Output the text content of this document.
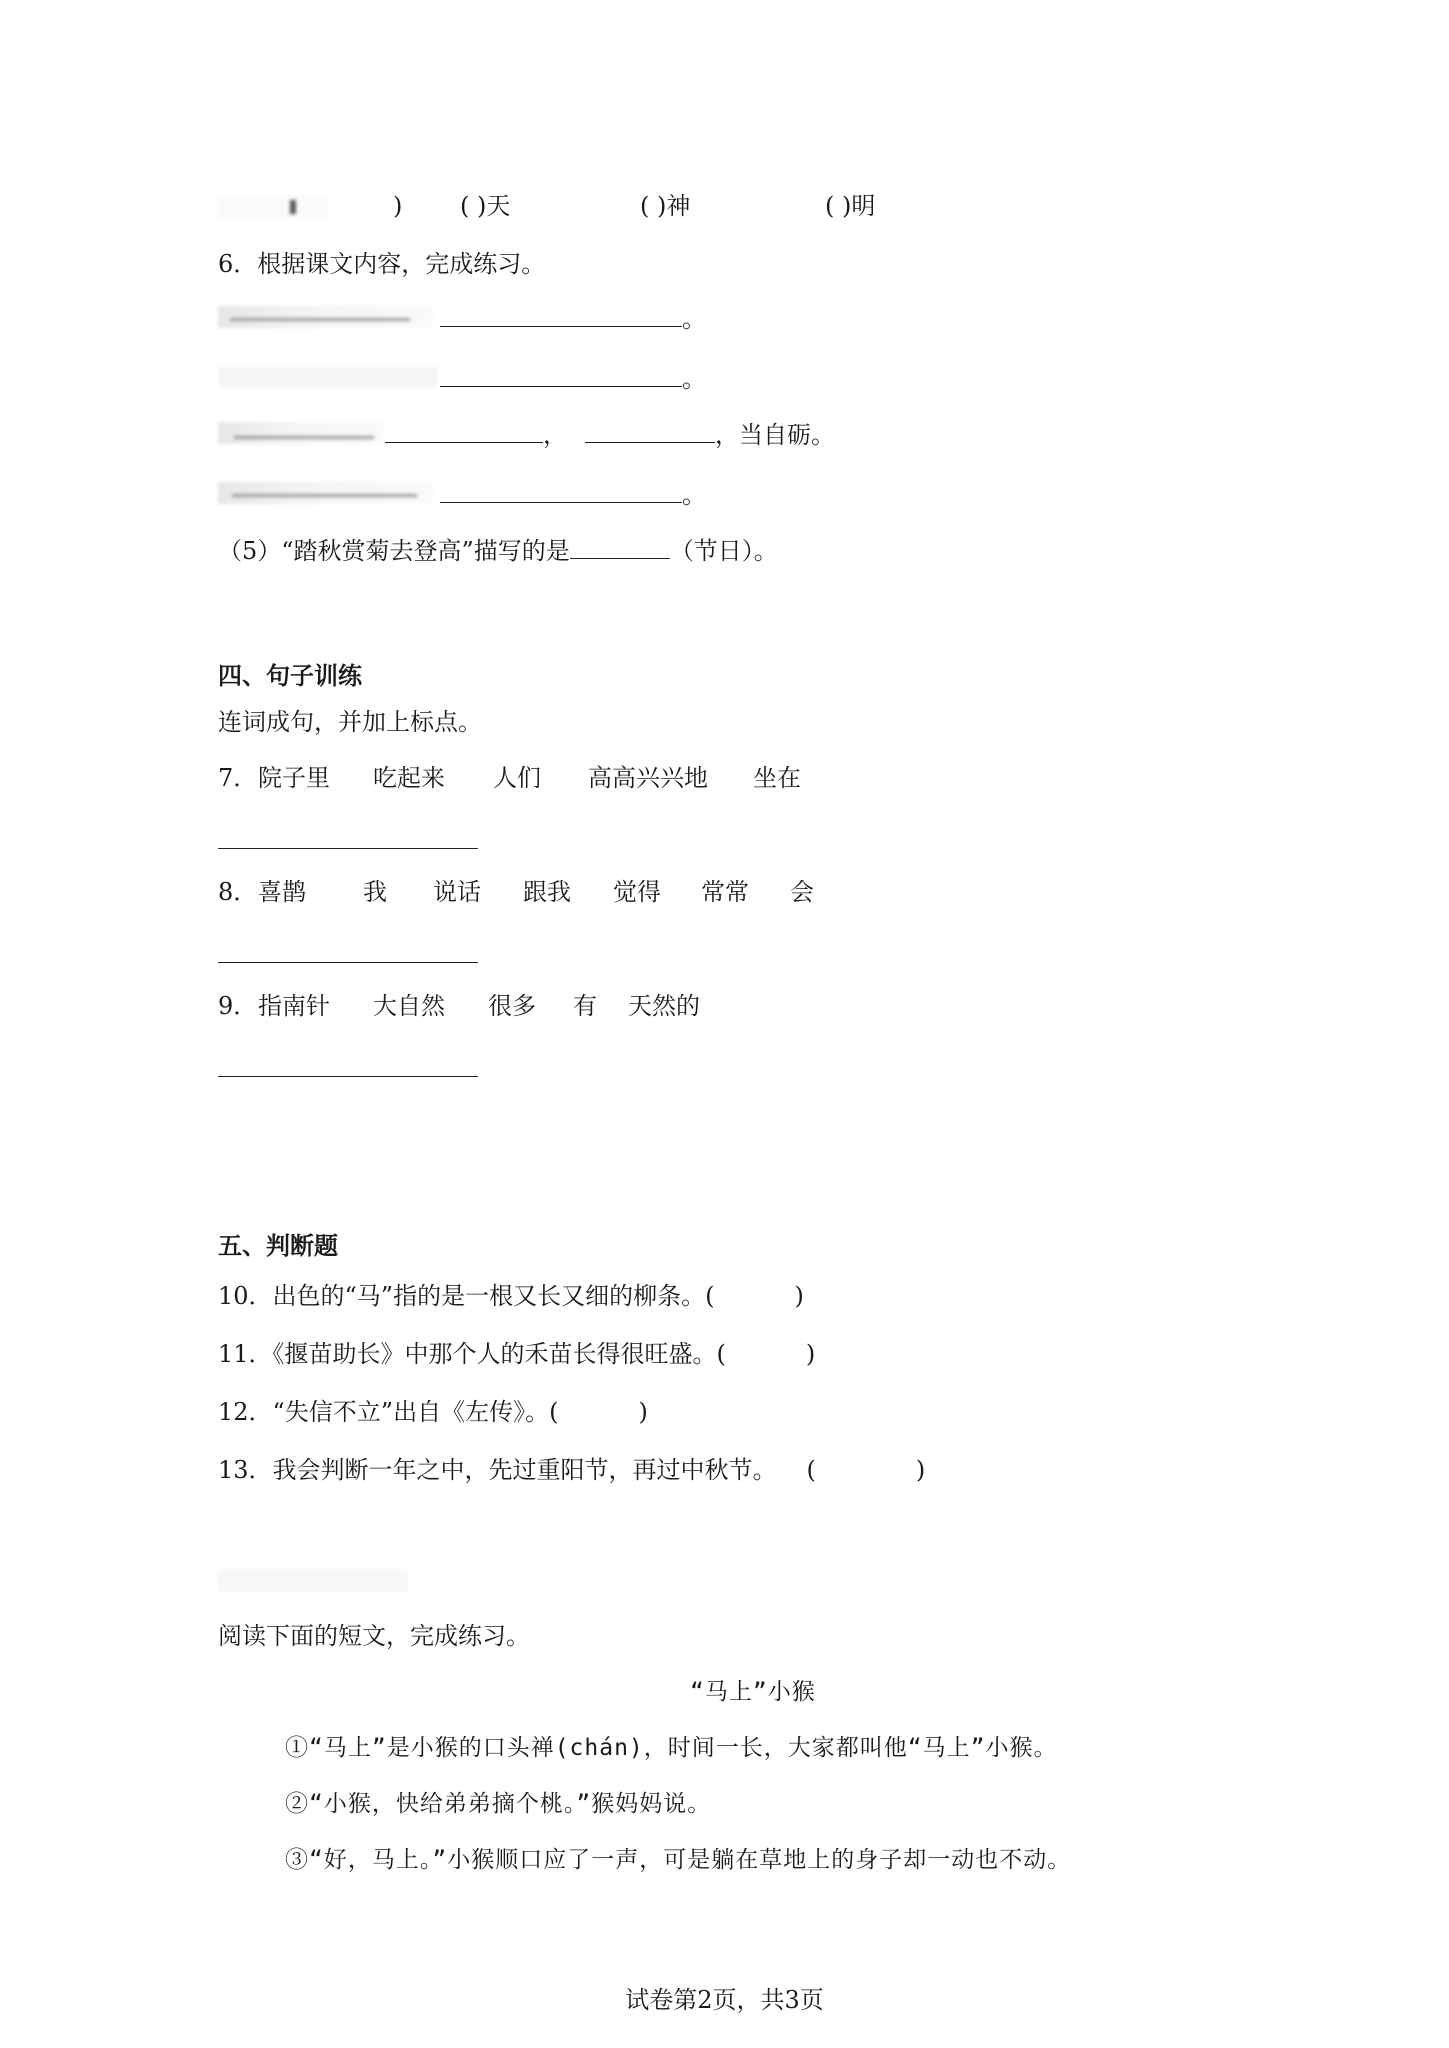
) ( )天	( )神	( )明
6．根据课文内容，完成练习。
。
。
，	，当自砺。
。
（5）“踏秋赏菊去登高”描写的是	（节日）。
四、句子训练
连词成句，并加上标点。
7． 院子里 吃起来 人们 高高兴兴地 坐在
8． 喜鹊 我 说话 跟我 觉得 常常 会
9． 指南针 大自然 很多 有 天然的
五、判断题
10．出色的“马”指的是一根又长又细的柳条。(	)
11．《揠苗助长》中那个人的禾苗长得很旺盛。(	)
12．“失信不立”出自《左传》。(	)
13．我会判断一年之中，先过重阳节，再过中秋节。 (	)
阅读下面的短文，完成练习。
“马上”小猴
①“马上”是小猴的口头禅(chán)，时间一长，大家都叫他“马上”小猴。
②“小猴，快给弟弟摘个桃。”猴妈妈说。
③“好，马上。”小猴顺口应了一声，可是躺在草地上的身子却一动也不动。
试卷第2页，共3页
